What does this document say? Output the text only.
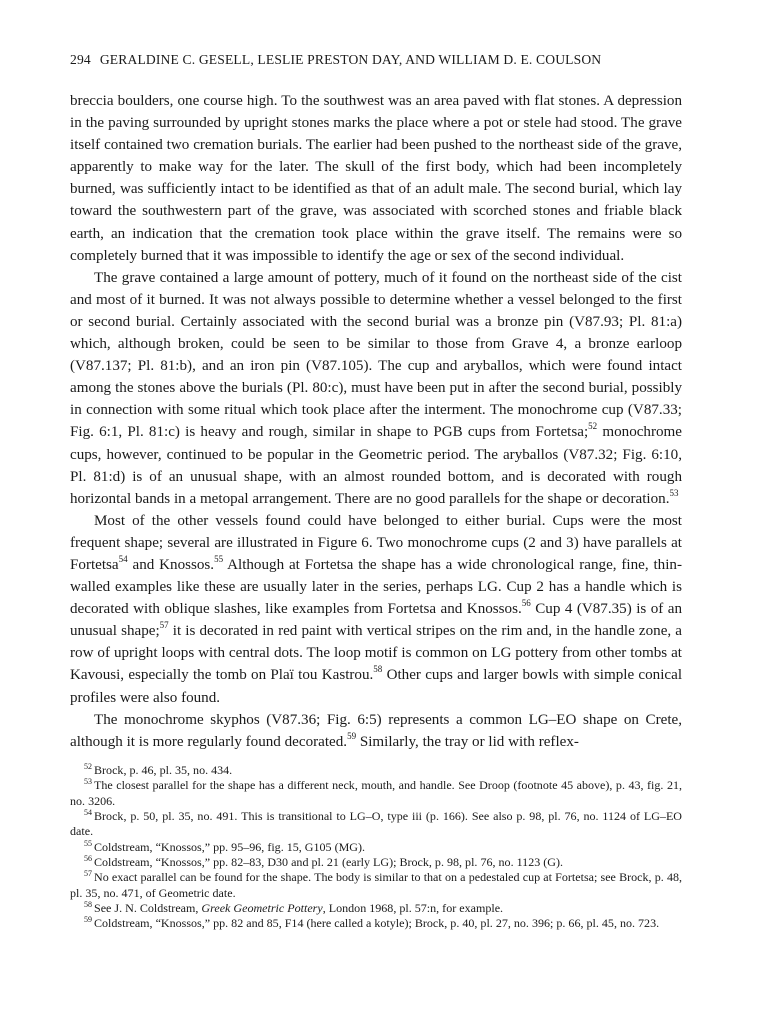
294 GERALDINE C. GESELL, LESLIE PRESTON DAY, AND WILLIAM D. E. COULSON

breccia boulders, one course high. To the southwest was an area paved with flat stones. A depression in the paving surrounded by upright stones marks the place where a pot or stele had stood. The grave itself contained two cremation burials. The earlier had been pushed to the northeast side of the grave, apparently to make way for the later. The skull of the first body, which had been incompletely burned, was sufficiently intact to be identified as that of an adult male. The second burial, which lay toward the southwestern part of the grave, was associated with scorched stones and friable black earth, an indication that the cremation took place within the grave itself. The remains were so completely burned that it was impossible to identify the age or sex of the second individual.

The grave contained a large amount of pottery, much of it found on the northeast side of the cist and most of it burned. It was not always possible to determine whether a vessel belonged to the first or second burial. Certainly associated with the second burial was a bronze pin (V87.93; Pl. 81:a) which, although broken, could be seen to be similar to those from Grave 4, a bronze earloop (V87.137; Pl. 81:b), and an iron pin (V87.105). The cup and aryballos, which were found intact among the stones above the burials (Pl. 80:c), must have been put in after the second burial, possibly in connection with some ritual which took place after the interment. The monochrome cup (V87.33; Fig. 6:1, Pl. 81:c) is heavy and rough, similar in shape to PGB cups from Fortetsa;$^{52}$ monochrome cups, however, continued to be popular in the Geometric period. The aryballos (V87.32; Fig. 6:10, Pl. 81:d) is of an unusual shape, with an almost rounded bottom, and is decorated with rough horizontal bands in a metopal arrangement. There are no good parallels for the shape or decoration.$^{53}$

Most of the other vessels found could have belonged to either burial. Cups were the most frequent shape; several are illustrated in Figure 6. Two monochrome cups (2 and 3) have parallels at Fortetsa$^{54}$ and Knossos.$^{55}$ Although at Fortetsa the shape has a wide chronological range, fine, thin-walled examples like these are usually later in the series, perhaps LG. Cup 2 has a handle which is decorated with oblique slashes, like examples from Fortetsa and Knossos.$^{56}$ Cup 4 (V87.35) is of an unusual shape;$^{57}$ it is decorated in red paint with vertical stripes on the rim and, in the handle zone, a row of upright loops with central dots. The loop motif is common on LG pottery from other tombs at Kavousi, especially the tomb on Plaï tou Kastrou.$^{58}$ Other cups and larger bowls with simple conical profiles were also found.

The monochrome skyphos (V87.36; Fig. 6:5) represents a common LG–EO shape on Crete, although it is more regularly found decorated.$^{59}$ Similarly, the tray or lid with reflex-

$^{52}$ Brock, p. 46, pl. 35, no. 434.
$^{53}$ The closest parallel for the shape has a different neck, mouth, and handle. See Droop (footnote 45 above), p. 43, fig. 21, no. 3206.
$^{54}$ Brock, p. 50, pl. 35, no. 491. This is transitional to LG–O, type iii (p. 166). See also p. 98, pl. 76, no. 1124 of LG–EO date.
$^{55}$ Coldstream, “Knossos,” pp. 95–96, fig. 15, G105 (MG).
$^{56}$ Coldstream, “Knossos,” pp. 82–83, D30 and pl. 21 (early LG); Brock, p. 98, pl. 76, no. 1123 (G).
$^{57}$ No exact parallel can be found for the shape. The body is similar to that on a pedestaled cup at Fortetsa; see Brock, p. 48, pl. 35, no. 471, of Geometric date.
$^{58}$ See J. N. Coldstream, Greek Geometric Pottery, London 1968, pl. 57:n, for example.
$^{59}$ Coldstream, “Knossos,” pp. 82 and 85, F14 (here called a kotyle); Brock, p. 40, pl. 27, no. 396; p. 66, pl. 45, no. 723.
